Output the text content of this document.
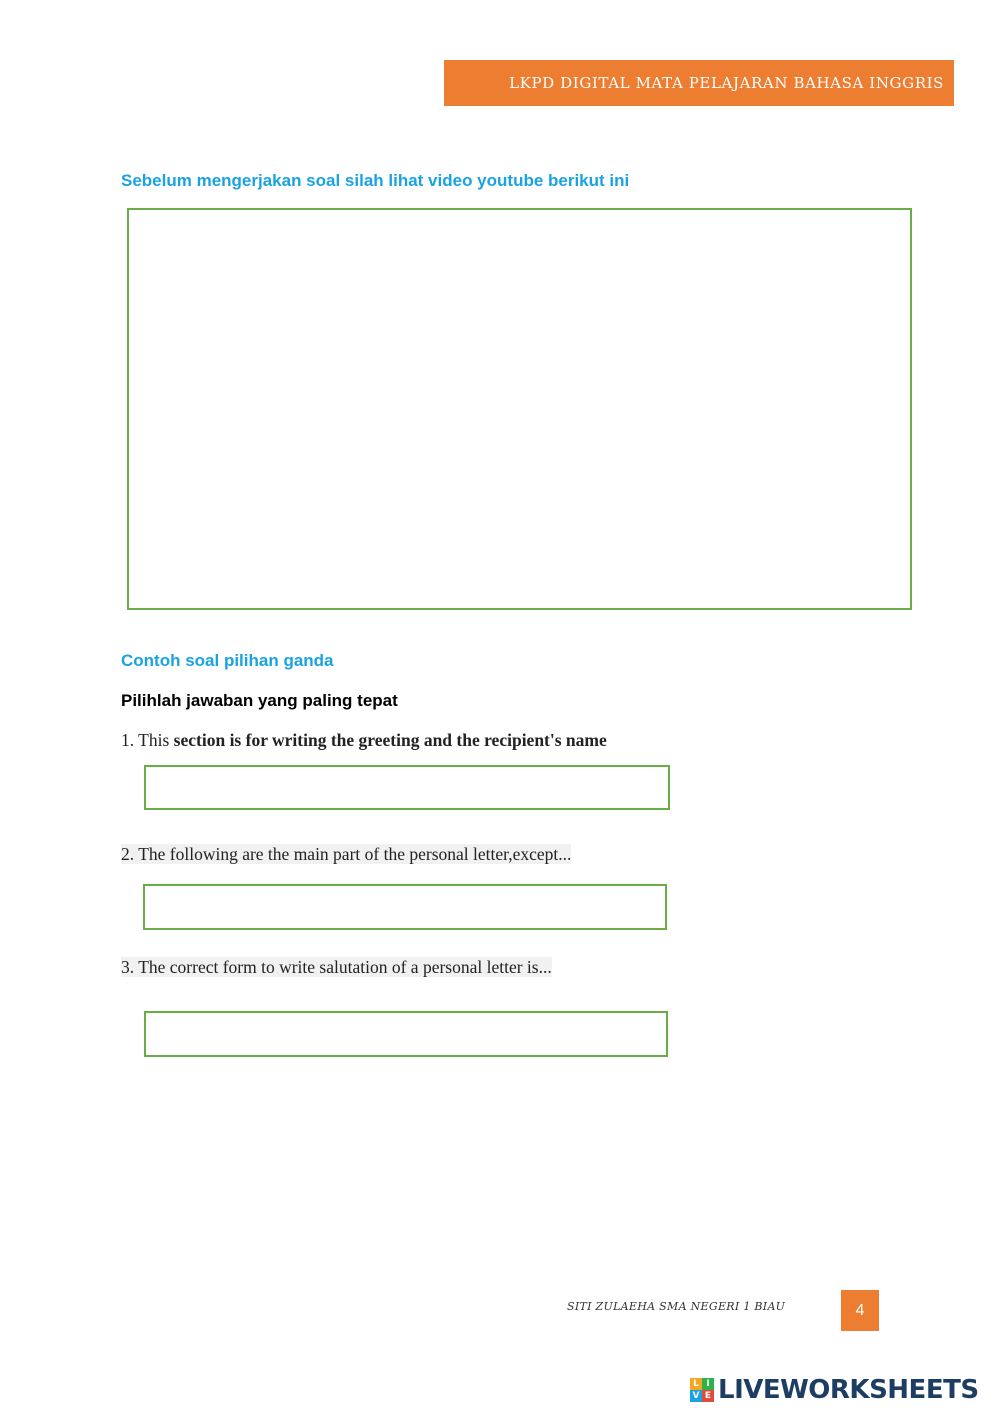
LKPD DIGITAL MATA PELAJARAN BAHASA INGGRIS
Sebelum mengerjakan soal silah lihat video youtube berikut ini
Contoh soal pilihan ganda
Pilihlah jawaban yang paling tepat
1. This section is for writing the greeting and the recipient's name
2. The following are the main part of the personal letter,except...
3. The correct form to write salutation of a personal letter is...
SITI ZULAEHA SMA NEGERI 1 BIAU	4
L I
V E LIVEWORKSHEETS
